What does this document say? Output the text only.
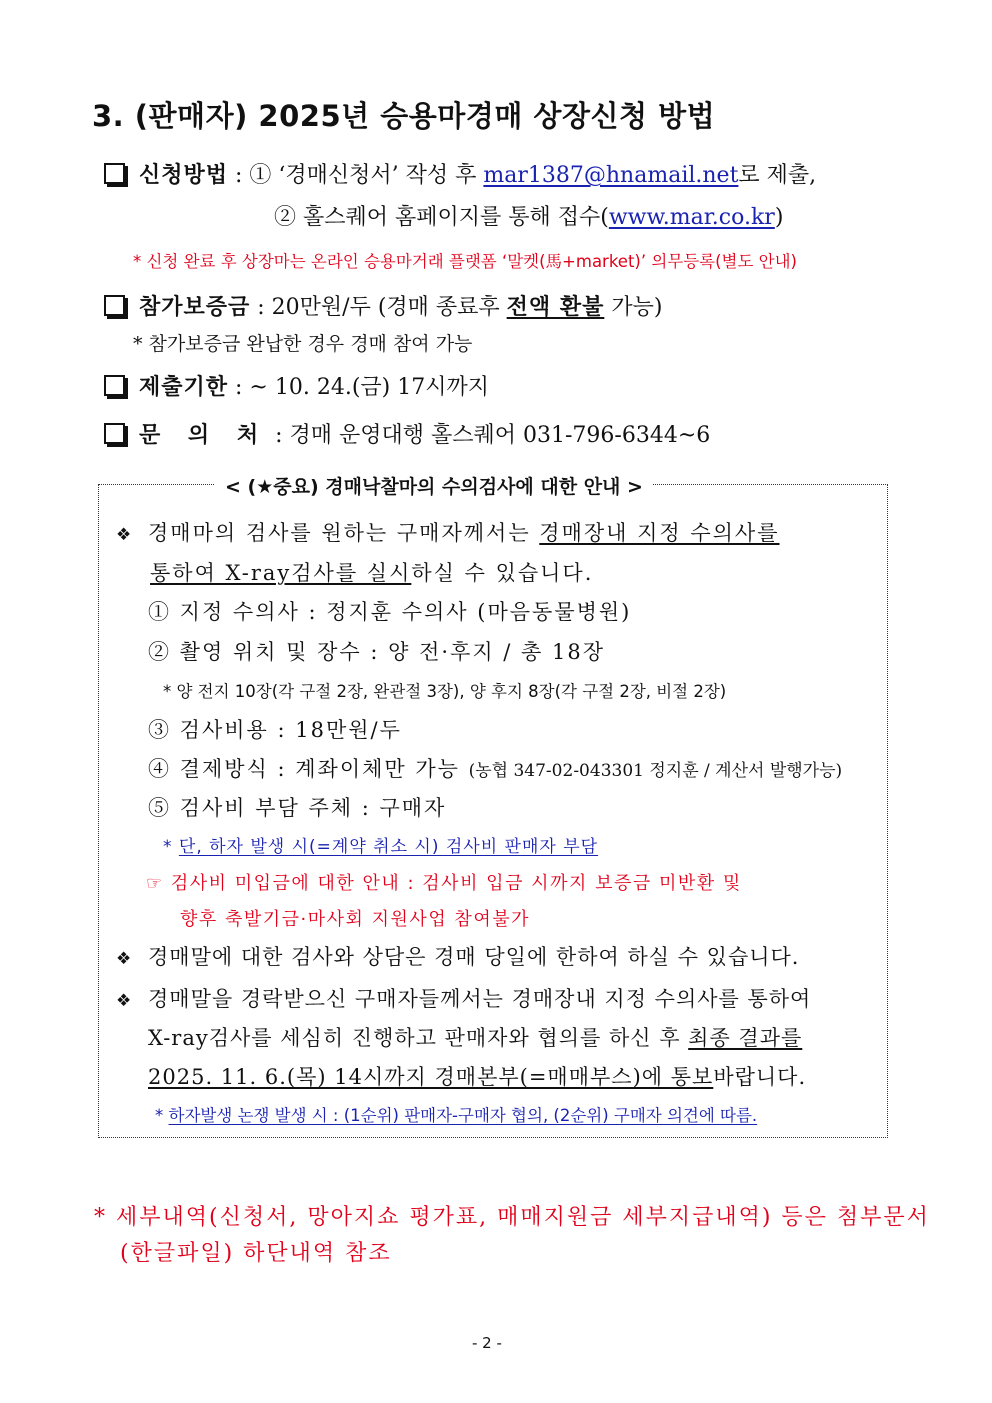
3. (판매자) 2025년 승용마경매 상장신청 방법
신청방법 : ① ‘경매신청서’ 작성 후 mar1387@hnamail.net로 제출,
② 홀스퀘어 홈페이지를 통해 접수(www.mar.co.kr)
* 신청 완료 후 상장마는 온라인 승용마거래 플랫폼 ‘말켓(馬+market)’ 의무등록(별도 안내)
참가보증금 : 20만원/두 (경매 종료후 전액 환불 가능)
* 참가보증금 완납한 경우 경매 참여 가능
제출기한 : ~ 10. 24.(금) 17시까지
문 의 처 : 경매 운영대행 홀스퀘어 031-796-6344~6
< (★중요) 경매낙찰마의 수의검사에 대한 안내 >
❖ 경매마의 검사를 원하는 구매자께서는 경매장내 지정 수의사를
통하여 X-ray검사를 실시하실 수 있습니다.
① 지정 수의사 : 정지훈 수의사 (마음동물병원)
② 촬영 위치 및 장수 : 양 전·후지 / 총 18장
* 양 전지 10장(각 구절 2장, 완관절 3장), 양 후지 8장(각 구절 2장, 비절 2장)
③ 검사비용 : 18만원/두
④ 결제방식 : 계좌이체만 가능 (농협 347-02-043301 정지훈 / 계산서 발행가능)
⑤ 검사비 부담 주체 : 구매자
* 단, 하자 발생 시(=계약 취소 시) 검사비 판매자 부담
☞ 검사비 미입금에 대한 안내 : 검사비 입금 시까지 보증금 미반환 및
향후 축발기금·마사회 지원사업 참여불가
❖ 경매말에 대한 검사와 상담은 경매 당일에 한하여 하실 수 있습니다.
❖ 경매말을 경락받으신 구매자들께서는 경매장내 지정 수의사를 통하여
X-ray검사를 세심히 진행하고 판매자와 협의를 하신 후 최종 결과를
2025. 11. 6.(목) 14시까지 경매본부(=매매부스)에 통보바랍니다.
* 하자발생 논쟁 발생 시 : (1순위) 판매자-구매자 협의, (2순위) 구매자 의견에 따름.
* 세부내역(신청서, 망아지쇼 평가표, 매매지원금 세부지급내역) 등은 첨부문서
(한글파일) 하단내역 참조
- 2 -
